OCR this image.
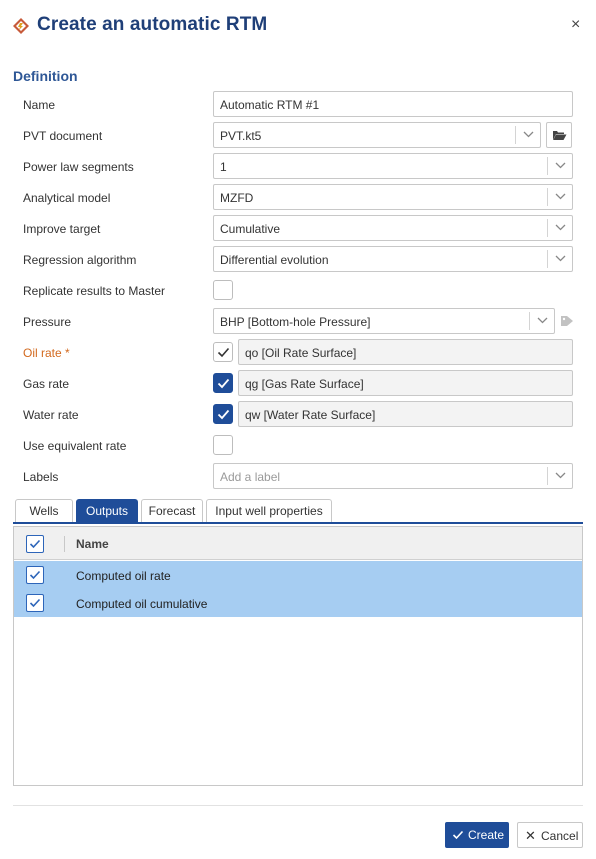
Create an automatic RTM	×
Definition
Name	Automatic RTM #1
PVT document	PVT.kt5
Power law segments	1
Analytical model	MZFD
Improve target	Cumulative
Regression algorithm	Differential evolution
Replicate results to Master
Pressure	BHP [Bottom-hole Pressure]
Oil rate *	qo [Oil Rate Surface]
Gas rate	qg [Gas Rate Surface]
Water rate	qw [Water Rate Surface]
Use equivalent rate
Labels	Add a label
Wells	Outputs	Forecast	Input well properties
Name
Computed oil rate
Computed oil cumulative
Create ✕ Cancel
